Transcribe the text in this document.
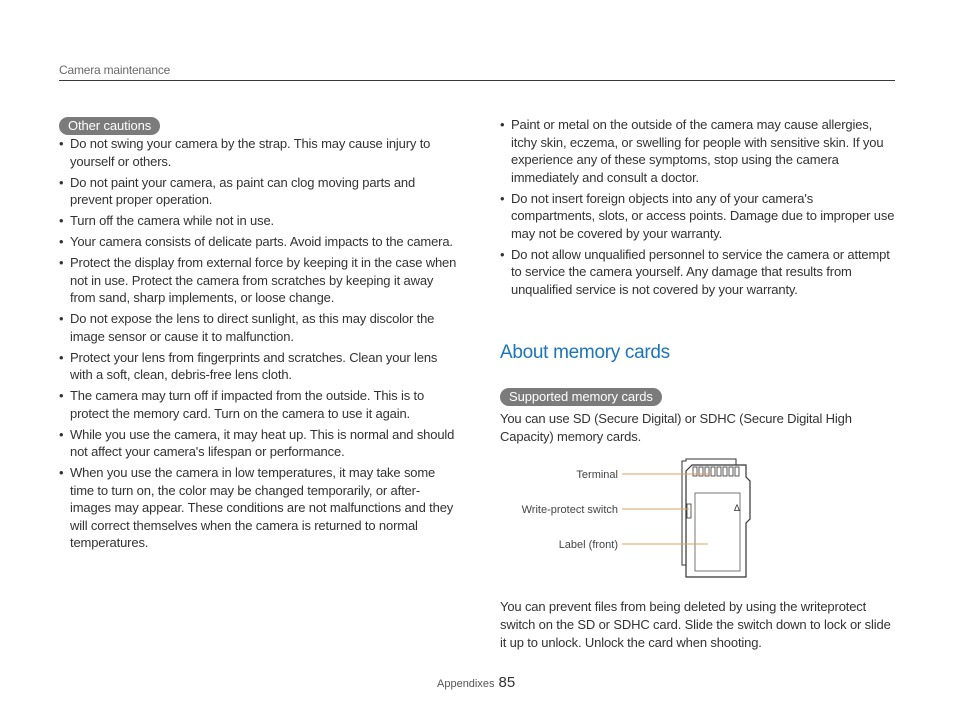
Camera maintenance
Other cautions
• Do not swing your camera by the strap. This may cause injury to yourself or others.
• Do not paint your camera, as paint can clog moving parts and prevent proper operation.
• Turn off the camera while not in use.
• Your camera consists of delicate parts. Avoid impacts to the camera.
• Protect the display from external force by keeping it in the case when not in use. Protect the camera from scratches by keeping it away from sand, sharp implements, or loose change.
• Do not expose the lens to direct sunlight, as this may discolor the image sensor or cause it to malfunction.
• Protect your lens from fingerprints and scratches. Clean your lens with a soft, clean, debris-free lens cloth.
• The camera may turn off if impacted from the outside. This is to protect the memory card. Turn on the camera to use it again.
• While you use the camera, it may heat up. This is normal and should not affect your camera's lifespan or performance.
• When you use the camera in low temperatures, it may take some time to turn on, the color may be changed temporarily, or after-images may appear. These conditions are not malfunctions and they will correct themselves when the camera is returned to normal temperatures.
• Paint or metal on the outside of the camera may cause allergies, itchy skin, eczema, or swelling for people with sensitive skin. If you experience any of these symptoms, stop using the camera immediately and consult a doctor.
• Do not insert foreign objects into any of your camera's compartments, slots, or access points. Damage due to improper use may not be covered by your warranty.
• Do not allow unqualified personnel to service the camera or attempt to service the camera yourself. Any damage that results from unqualified service is not covered by your warranty.
About memory cards
Supported memory cards
You can use SD (Secure Digital) or SDHC (Secure Digital High Capacity) memory cards.
Δ
Terminal
Write-protect switch
Label (front)
You can prevent files from being deleted by using the writeprotect switch on the SD or SDHC card. Slide the switch down to lock or slide it up to unlock. Unlock the card when shooting.
Appendixes 85
